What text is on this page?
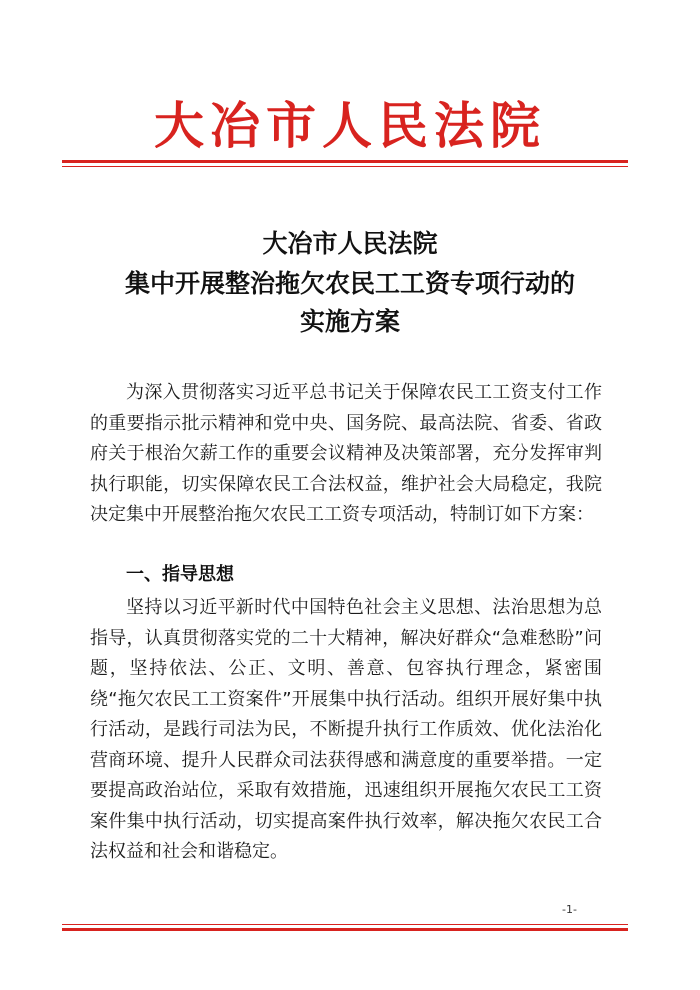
大冶市人民法院
大冶市人民法院
集中开展整治拖欠农民工工资专项行动的
实施方案

为深入贯彻落实习近平总书记关于保障农民工工资支付工作的重要指示批示精神和党中央、国务院、最高法院、省委、省政府关于根治欠薪工作的重要会议精神及决策部署，充分发挥审判执行职能，切实保障农民工合法权益，维护社会大局稳定，我院决定集中开展整治拖欠农民工工资专项活动，特制订如下方案：

一、指导思想

坚持以习近平新时代中国特色社会主义思想、法治思想为总指导，认真贯彻落实党的二十大精神，解决好群众“急难愁盼”问题，坚持依法、公正、文明、善意、包容执行理念，紧密围绕“拖欠农民工工资案件”开展集中执行活动。组织开展好集中执行活动，是践行司法为民，不断提升执行工作质效、优化法治化营商环境、提升人民群众司法获得感和满意度的重要举措。一定要提高政治站位，采取有效措施，迅速组织开展拖欠农民工工资案件集中执行活动，切实提高案件执行效率，解决拖欠农民工合法权益和社会和谐稳定。

-1-
